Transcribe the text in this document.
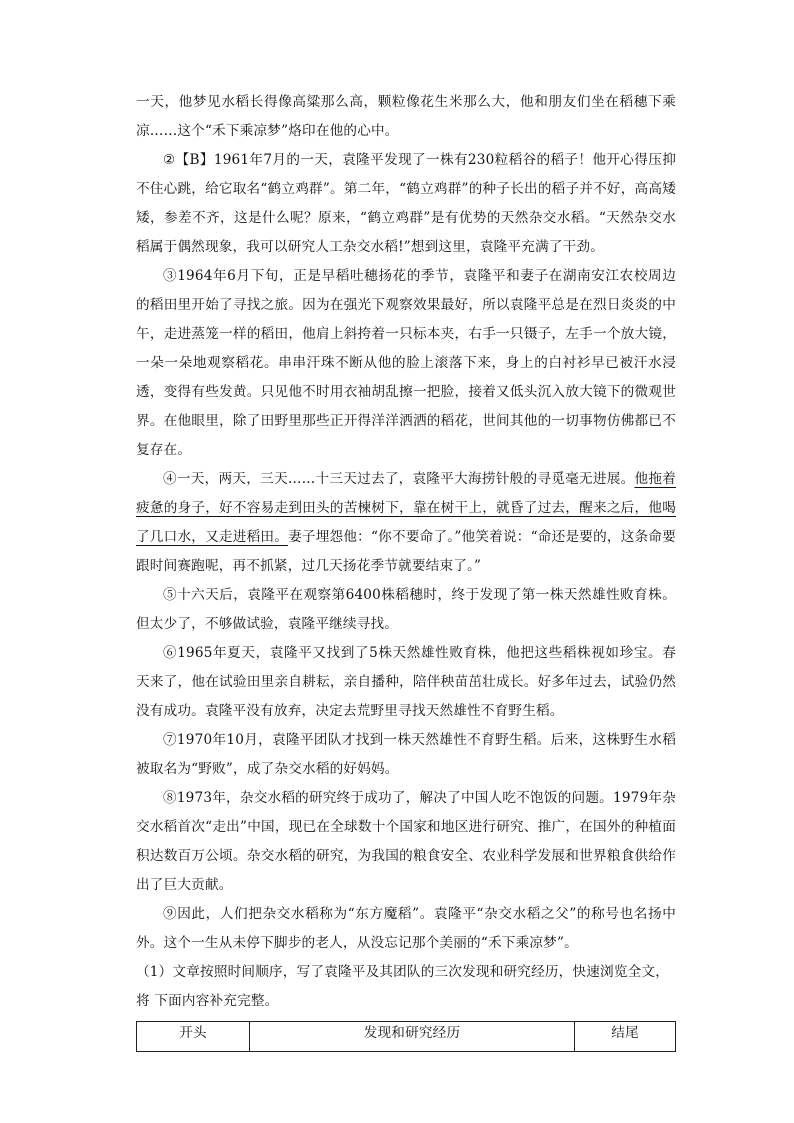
一天，他梦见水稻长得像高粱那么高，颗粒像花生米那么大，他和朋友们坐在稻穗下乘凉……这个“禾下乘凉梦”烙印在他的心中。

②【B】1961年7月的一天，袁隆平发现了一株有230粒稻谷的稻子！他开心得压抑不住心跳，给它取名“鹤立鸡群”。第二年，“鹤立鸡群”的种子长出的稻子并不好，高高矮矮，参差不齐，这是什么呢？原来，“鹤立鸡群”是有优势的天然杂交水稻。“天然杂交水稻属于偶然现象，我可以研究人工杂交水稻!”想到这里，袁隆平充满了干劲。

③1964年6月下旬，正是早稻吐穗扬花的季节，袁隆平和妻子在湖南安江农校周边的稻田里开始了寻找之旅。因为在强光下观察效果最好，所以袁隆平总是在烈日炎炎的中午，走进蒸笼一样的稻田，他肩上斜挎着一只标本夹，右手一只镊子，左手一个放大镜，一朵一朵地观察稻花。串串汗珠不断从他的脸上滚落下来，身上的白衬衫早已被汗水浸透，变得有些发黄。只见他不时用衣袖胡乱擦一把脸，接着又低头沉入放大镜下的微观世界。在他眼里，除了田野里那些正开得洋洋洒洒的稻花，世间其他的一切事物仿佛都已不复存在。

④一天，两天，三天……十三天过去了，袁隆平大海捞针般的寻觅毫无进展。他拖着疲惫的身子，好不容易走到田头的苦楝树下，靠在树干上，就昏了过去，醒来之后，他喝了几口水，又走进稻田。妻子埋怨他：“你不要命了。”他笑着说：“命还是要的，这条命要跟时间赛跑呢，再不抓紧，过几天扬花季节就要结束了。”

⑤十六天后，袁隆平在观察第6400株稻穗时，终于发现了第一株天然雄性败育株。但太少了，不够做试验，袁隆平继续寻找。

⑥1965年夏天，袁隆平又找到了5株天然雄性败育株，他把这些稻株视如珍宝。春天来了，他在试验田里亲自耕耘，亲自播种，陪伴秧苗茁壮成长。好多年过去，试验仍然没有成功。袁隆平没有放弃，决定去荒野里寻找天然雄性不育野生稻。

⑦1970年10月，袁隆平团队才找到一株天然雄性不育野生稻。后来，这株野生水稻被取名为“野败”，成了杂交水稻的好妈妈。

⑧1973年，杂交水稻的研究终于成功了，解决了中国人吃不饱饭的问题。1979年杂交水稻首次“走出”中国，现已在全球数十个国家和地区进行研究、推广，在国外的种植面积达数百万公顷。杂交水稻的研究，为我国的粮食安全、农业科学发展和世界粮食供给作出了巨大贡献。

⑨因此，人们把杂交水稻称为“东方魔稻”。袁隆平“杂交水稻之父”的称号也名扬中外。这个一生从未停下脚步的老人，从没忘记那个美丽的“禾下乘凉梦”。

（1）文章按照时间顺序，写了袁隆平及其团队的三次发现和研究经历，快速浏览全文，
将 下面内容补充完整。
开头	发现和研究经历	结尾
